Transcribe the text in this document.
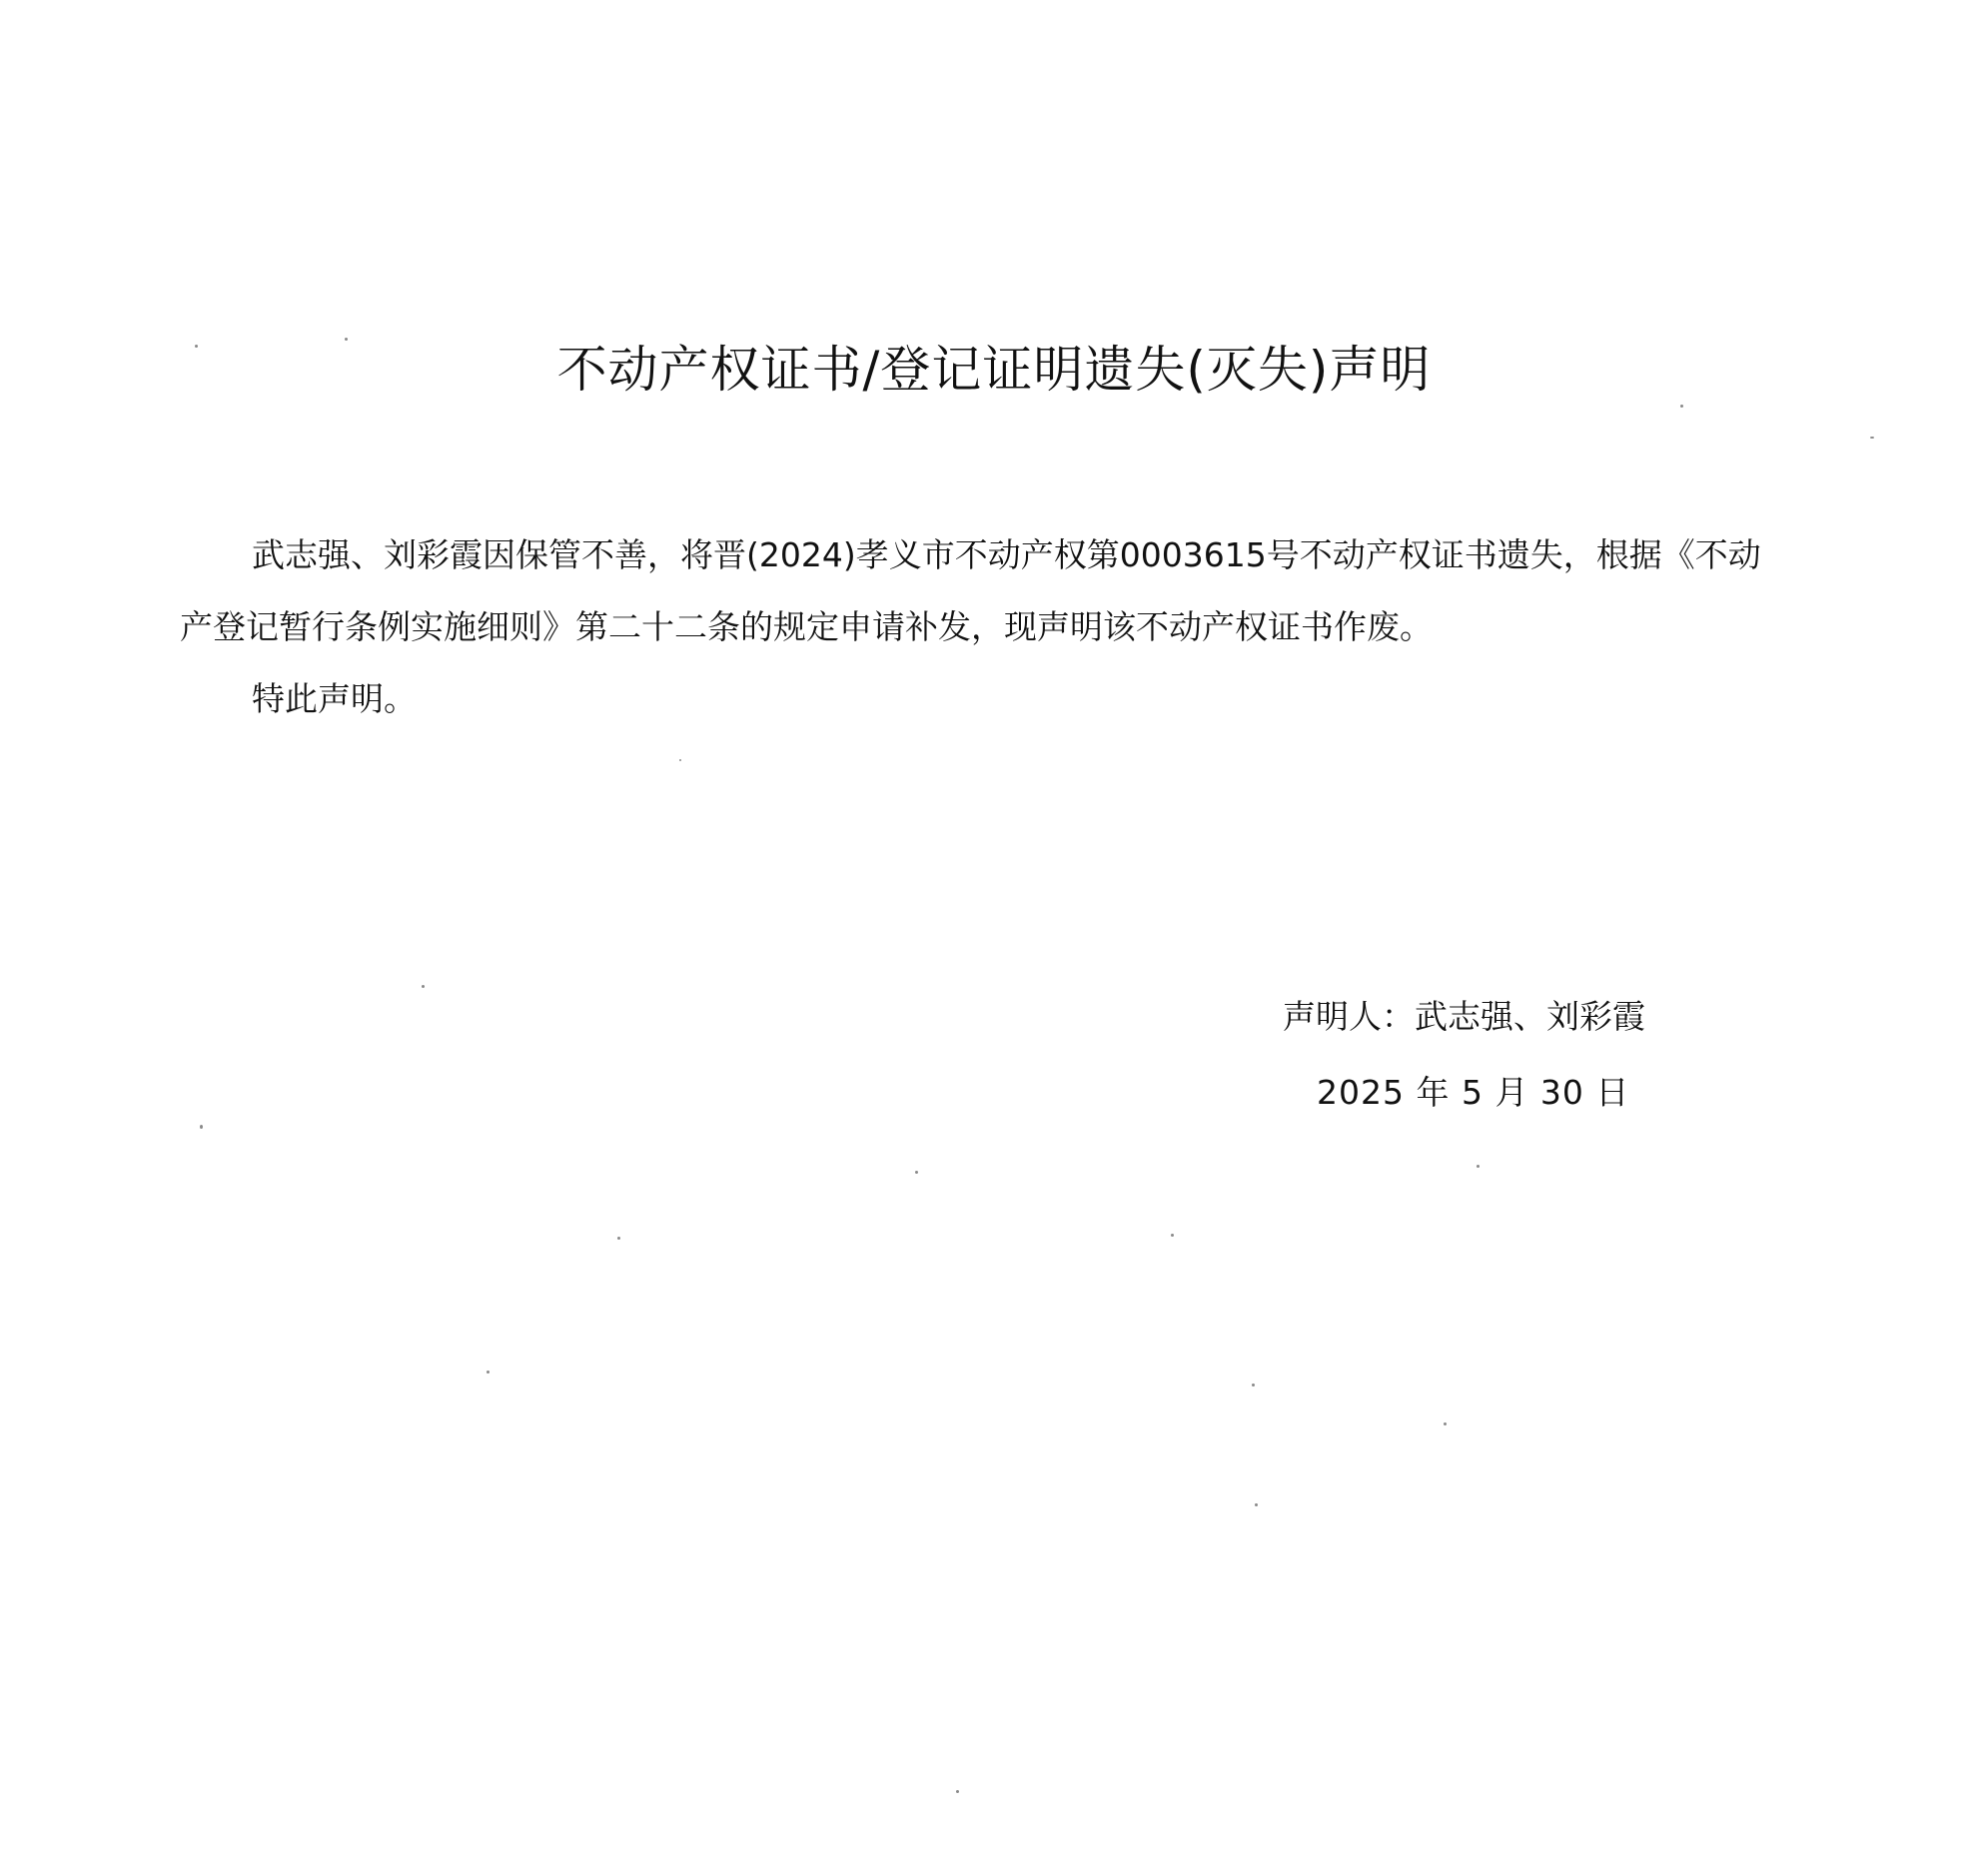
不动产权证书/登记证明遗失(灭失)声明

武志强、刘彩霞因保管不善，将晋(2024)孝义市不动产权第0003615号不动产权证书遗失，根据《不动产登记暂行条例实施细则》第二十二条的规定申请补发，现声明该不动产权证书作废。

特此声明。

声明人：武志强、刘彩霞
2025 年 5 月 30 日
